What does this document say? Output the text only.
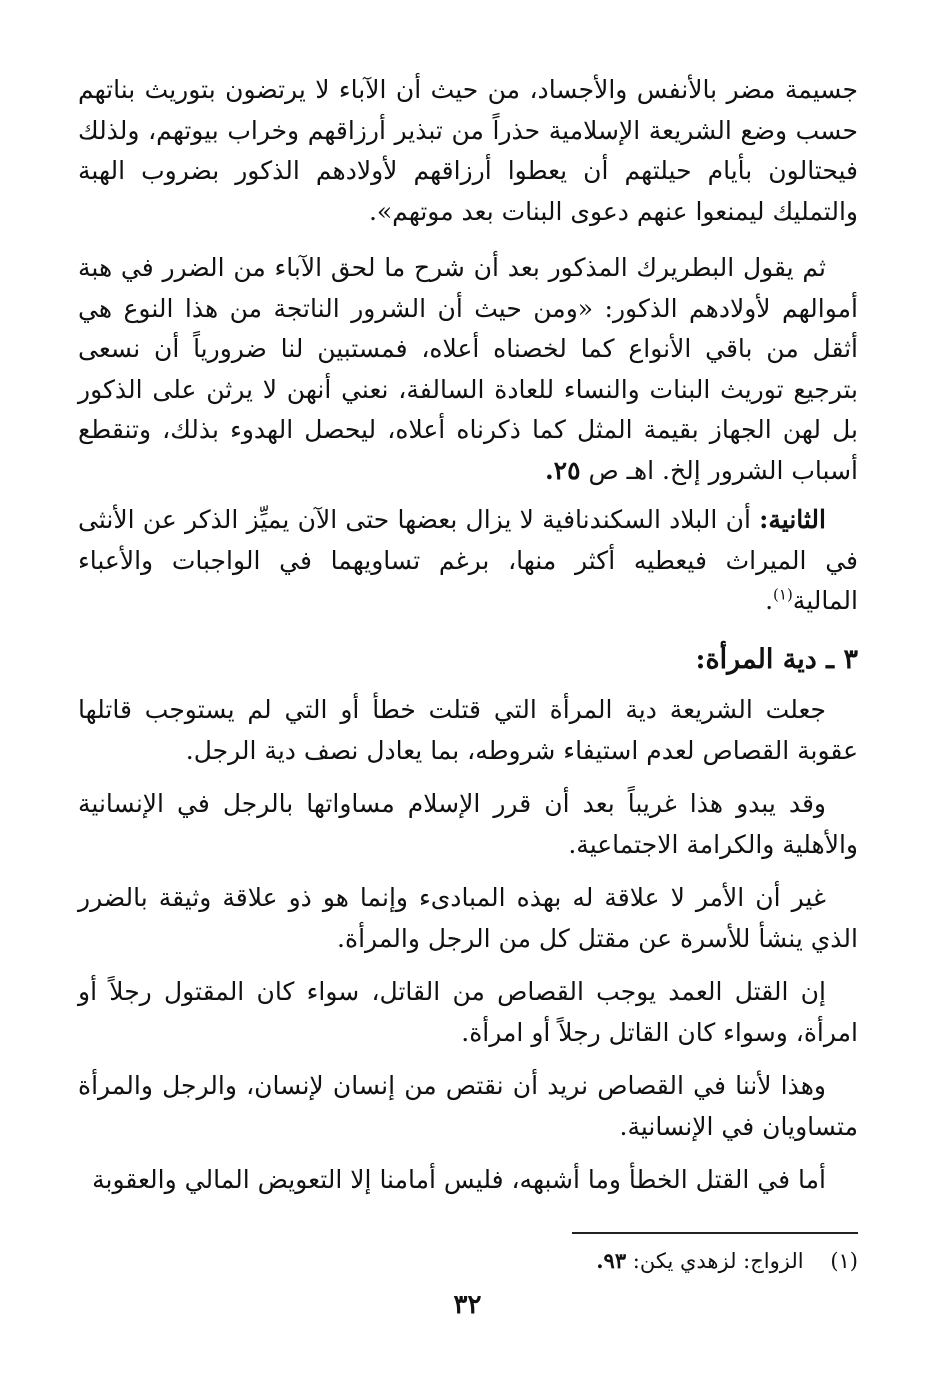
جسيمة مضر بالأنفس والأجساد، من حيث أن الآباء لا يرتضون بتوريث بناتهم حسب وضع الشريعة الإسلامية حذراً من تبذير أرزاقهم وخراب بيوتهم، ولذلك فيحتالون بأيام حيلتهم أن يعطوا أرزاقهم لأولادهم الذكور بضروب الهبة والتمليك ليمنعوا عنهم دعوى البنات بعد موتهم».

ثم يقول البطريرك المذكور بعد أن شرح ما لحق الآباء من الضرر في هبة أموالهم لأولادهم الذكور: «ومن حيث أن الشرور الناتجة من هذا النوع هي أثقل من باقي الأنواع كما لخصناه أعلاه، فمستبين لنا ضرورياً أن نسعى بترجيع توريث البنات والنساء للعادة السالفة، نعني أنهن لا يرثن على الذكور بل لهن الجهاز بقيمة المثل كما ذكرناه أعلاه، ليحصل الهدوء بذلك، وتنقطع أسباب الشرور إلخ. اهـ ص ٢٥.

الثانية: أن البلاد السكندنافية لا يزال بعضها حتى الآن يميِّز الذكر عن الأنثى في الميراث فيعطيه أكثر منها، برغم تساويهما في الواجبات والأعباء المالية$^{(١)}$.

٣ ـ دية المرأة:

جعلت الشريعة دية المرأة التي قتلت خطأ أو التي لم يستوجب قاتلها عقوبة القصاص لعدم استيفاء شروطه، بما يعادل نصف دية الرجل.

وقد يبدو هذا غريباً بعد أن قرر الإسلام مساواتها بالرجل في الإنسانية والأهلية والكرامة الاجتماعية.

غير أن الأمر لا علاقة له بهذه المبادىء وإنما هو ذو علاقة وثيقة بالضرر الذي ينشأ للأسرة عن مقتل كل من الرجل والمرأة.

إن القتل العمد يوجب القصاص من القاتل، سواء كان المقتول رجلاً أو امرأة، وسواء كان القاتل رجلاً أو امرأة.

وهذا لأننا في القصاص نريد أن نقتص من إنسان لإنسان، والرجل والمرأة متساويان في الإنسانية.

أما في القتل الخطأ وما أشبهه، فليس أمامنا إلا التعويض المالي والعقوبة

(١)    الزواج: لزهدي يكن: ٩٣.

٣٢
